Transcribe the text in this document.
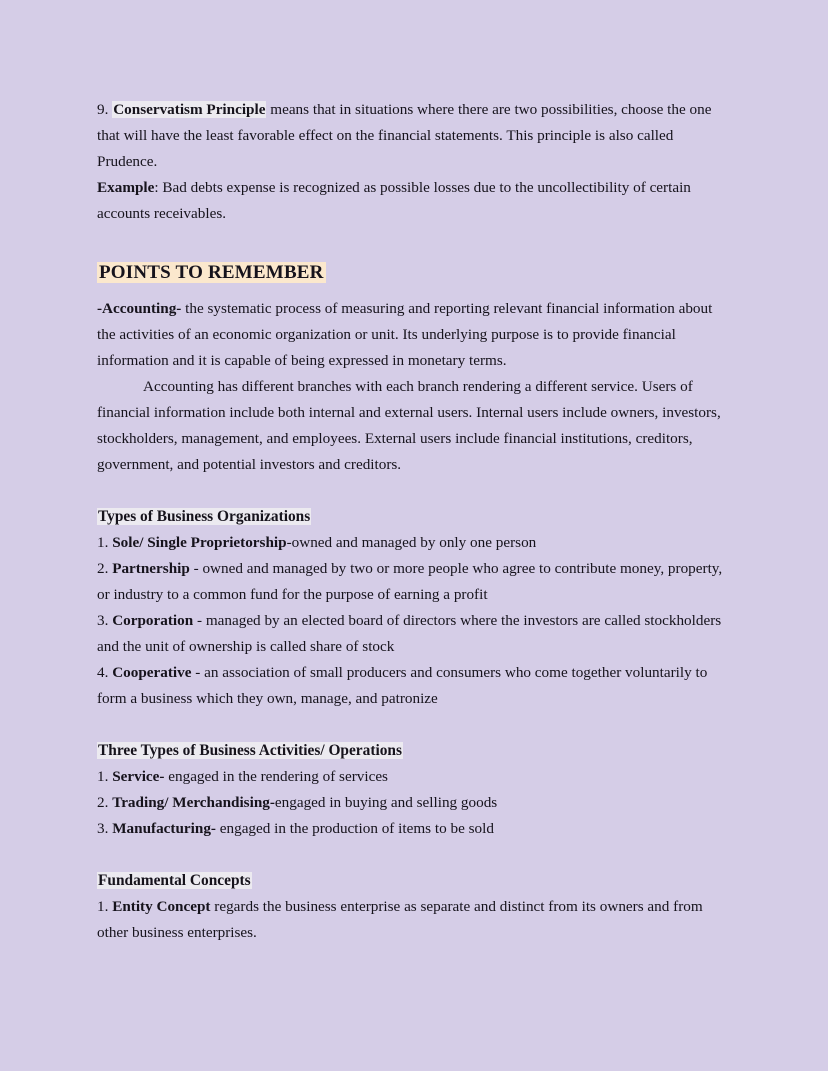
9. Conservatism Principle means that in situations where there are two possibilities, choose the one that will have the least favorable effect on the financial statements. This principle is also called Prudence.

Example: Bad debts expense is recognized as possible losses due to the uncollectibility of certain accounts receivables.

POINTS TO REMEMBER

-Accounting- the systematic process of measuring and reporting relevant financial information about the activities of an economic organization or unit. Its underlying purpose is to provide financial information and it is capable of being expressed in monetary terms.

Accounting has different branches with each branch rendering a different service. Users of financial information include both internal and external users. Internal users include owners, investors, stockholders, management, and employees. External users include financial institutions, creditors, government, and potential investors and creditors.

Types of Business Organizations

1. Sole/ Single Proprietorship-owned and managed by only one person

2. Partnership - owned and managed by two or more people who agree to contribute money, property, or industry to a common fund for the purpose of earning a profit

3. Corporation - managed by an elected board of directors where the investors are called stockholders and the unit of ownership is called share of stock

4. Cooperative - an association of small producers and consumers who come together voluntarily to form a business which they own, manage, and patronize

Three Types of Business Activities/ Operations

1. Service- engaged in the rendering of services

2. Trading/ Merchandising-engaged in buying and selling goods

3. Manufacturing- engaged in the production of items to be sold

Fundamental Concepts

1. Entity Concept regards the business enterprise as separate and distinct from its owners and from other business enterprises.
